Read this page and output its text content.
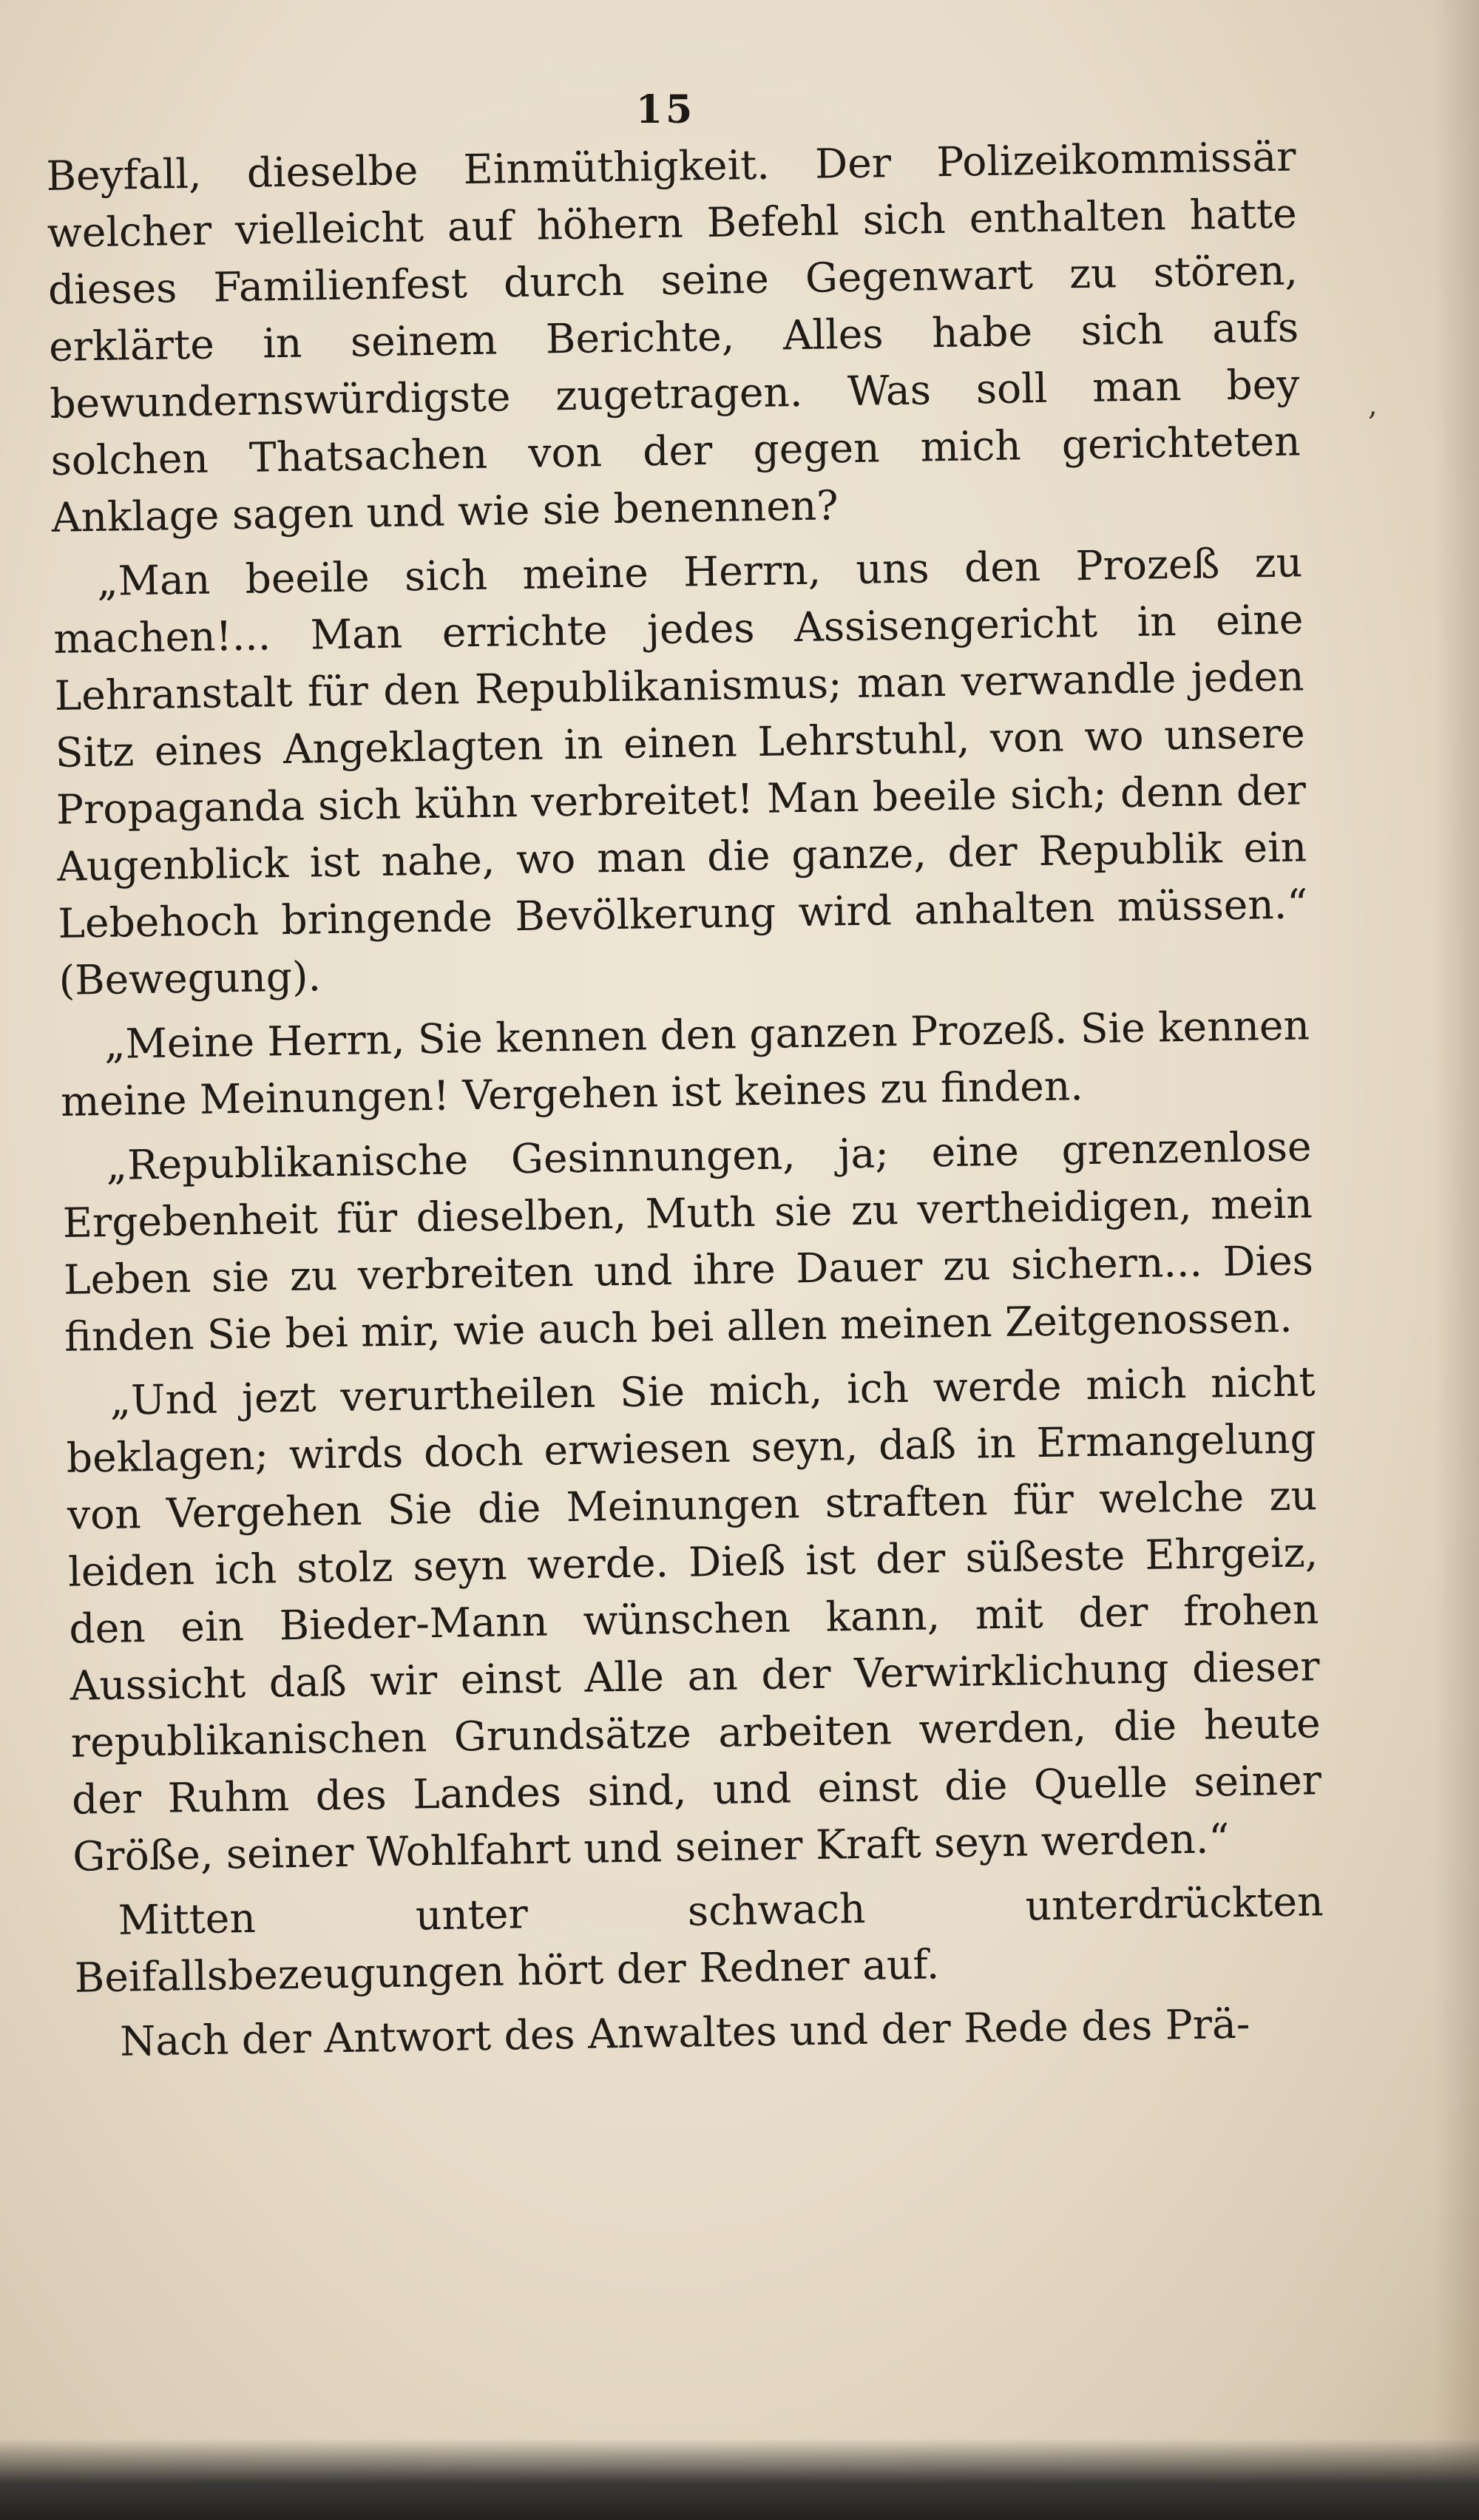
15
,

Beyfall, dieselbe Einmüthigkeit. Der Polizeikommissär welcher vielleicht auf höhern Befehl sich enthalten hatte dieses Familienfest durch seine Gegenwart zu stören, erklärte in seinem Berichte, Alles habe sich aufs bewundernswürdigste zugetragen. Was soll man bey solchen Thatsachen von der gegen mich gerichteten Anklage sagen und wie sie benennen?

„Man beeile sich meine Herrn, uns den Prozeß zu machen!... Man errichte jedes Assisengericht in eine Lehranstalt für den Republikanismus; man verwandle jeden Sitz eines Angeklagten in einen Lehrstuhl, von wo unsere Propaganda sich kühn verbreitet! Man beeile sich; denn der Augenblick ist nahe, wo man die ganze, der Republik ein Lebehoch bringende Bevölkerung wird anhalten müssen.“ (Bewegung).

„Meine Herrn, Sie kennen den ganzen Prozeß. Sie kennen meine Meinungen! Vergehen ist keines zu finden.

„Republikanische Gesinnungen, ja; eine grenzenlose Ergebenheit für dieselben, Muth sie zu vertheidigen, mein Leben sie zu verbreiten und ihre Dauer zu sichern... Dies finden Sie bei mir, wie auch bei allen meinen Zeitgenossen.

„Und jezt verurtheilen Sie mich, ich werde mich nicht beklagen; wirds doch erwiesen seyn, daß in Ermangelung von Vergehen Sie die Meinungen straften für welche zu leiden ich stolz seyn werde. Dieß ist der süßeste Ehrgeiz, den ein Bieder-Mann wünschen kann, mit der frohen Aussicht daß wir einst Alle an der Verwirklichung dieser republikanischen Grundsätze arbeiten werden, die heute der Ruhm des Landes sind, und einst die Quelle seiner Größe, seiner Wohlfahrt und seiner Kraft seyn werden.“

Mitten unter schwach unterdrückten Beifallsbezeugungen hört der Redner auf.

Nach der Antwort des Anwaltes und der Rede des Prä-
